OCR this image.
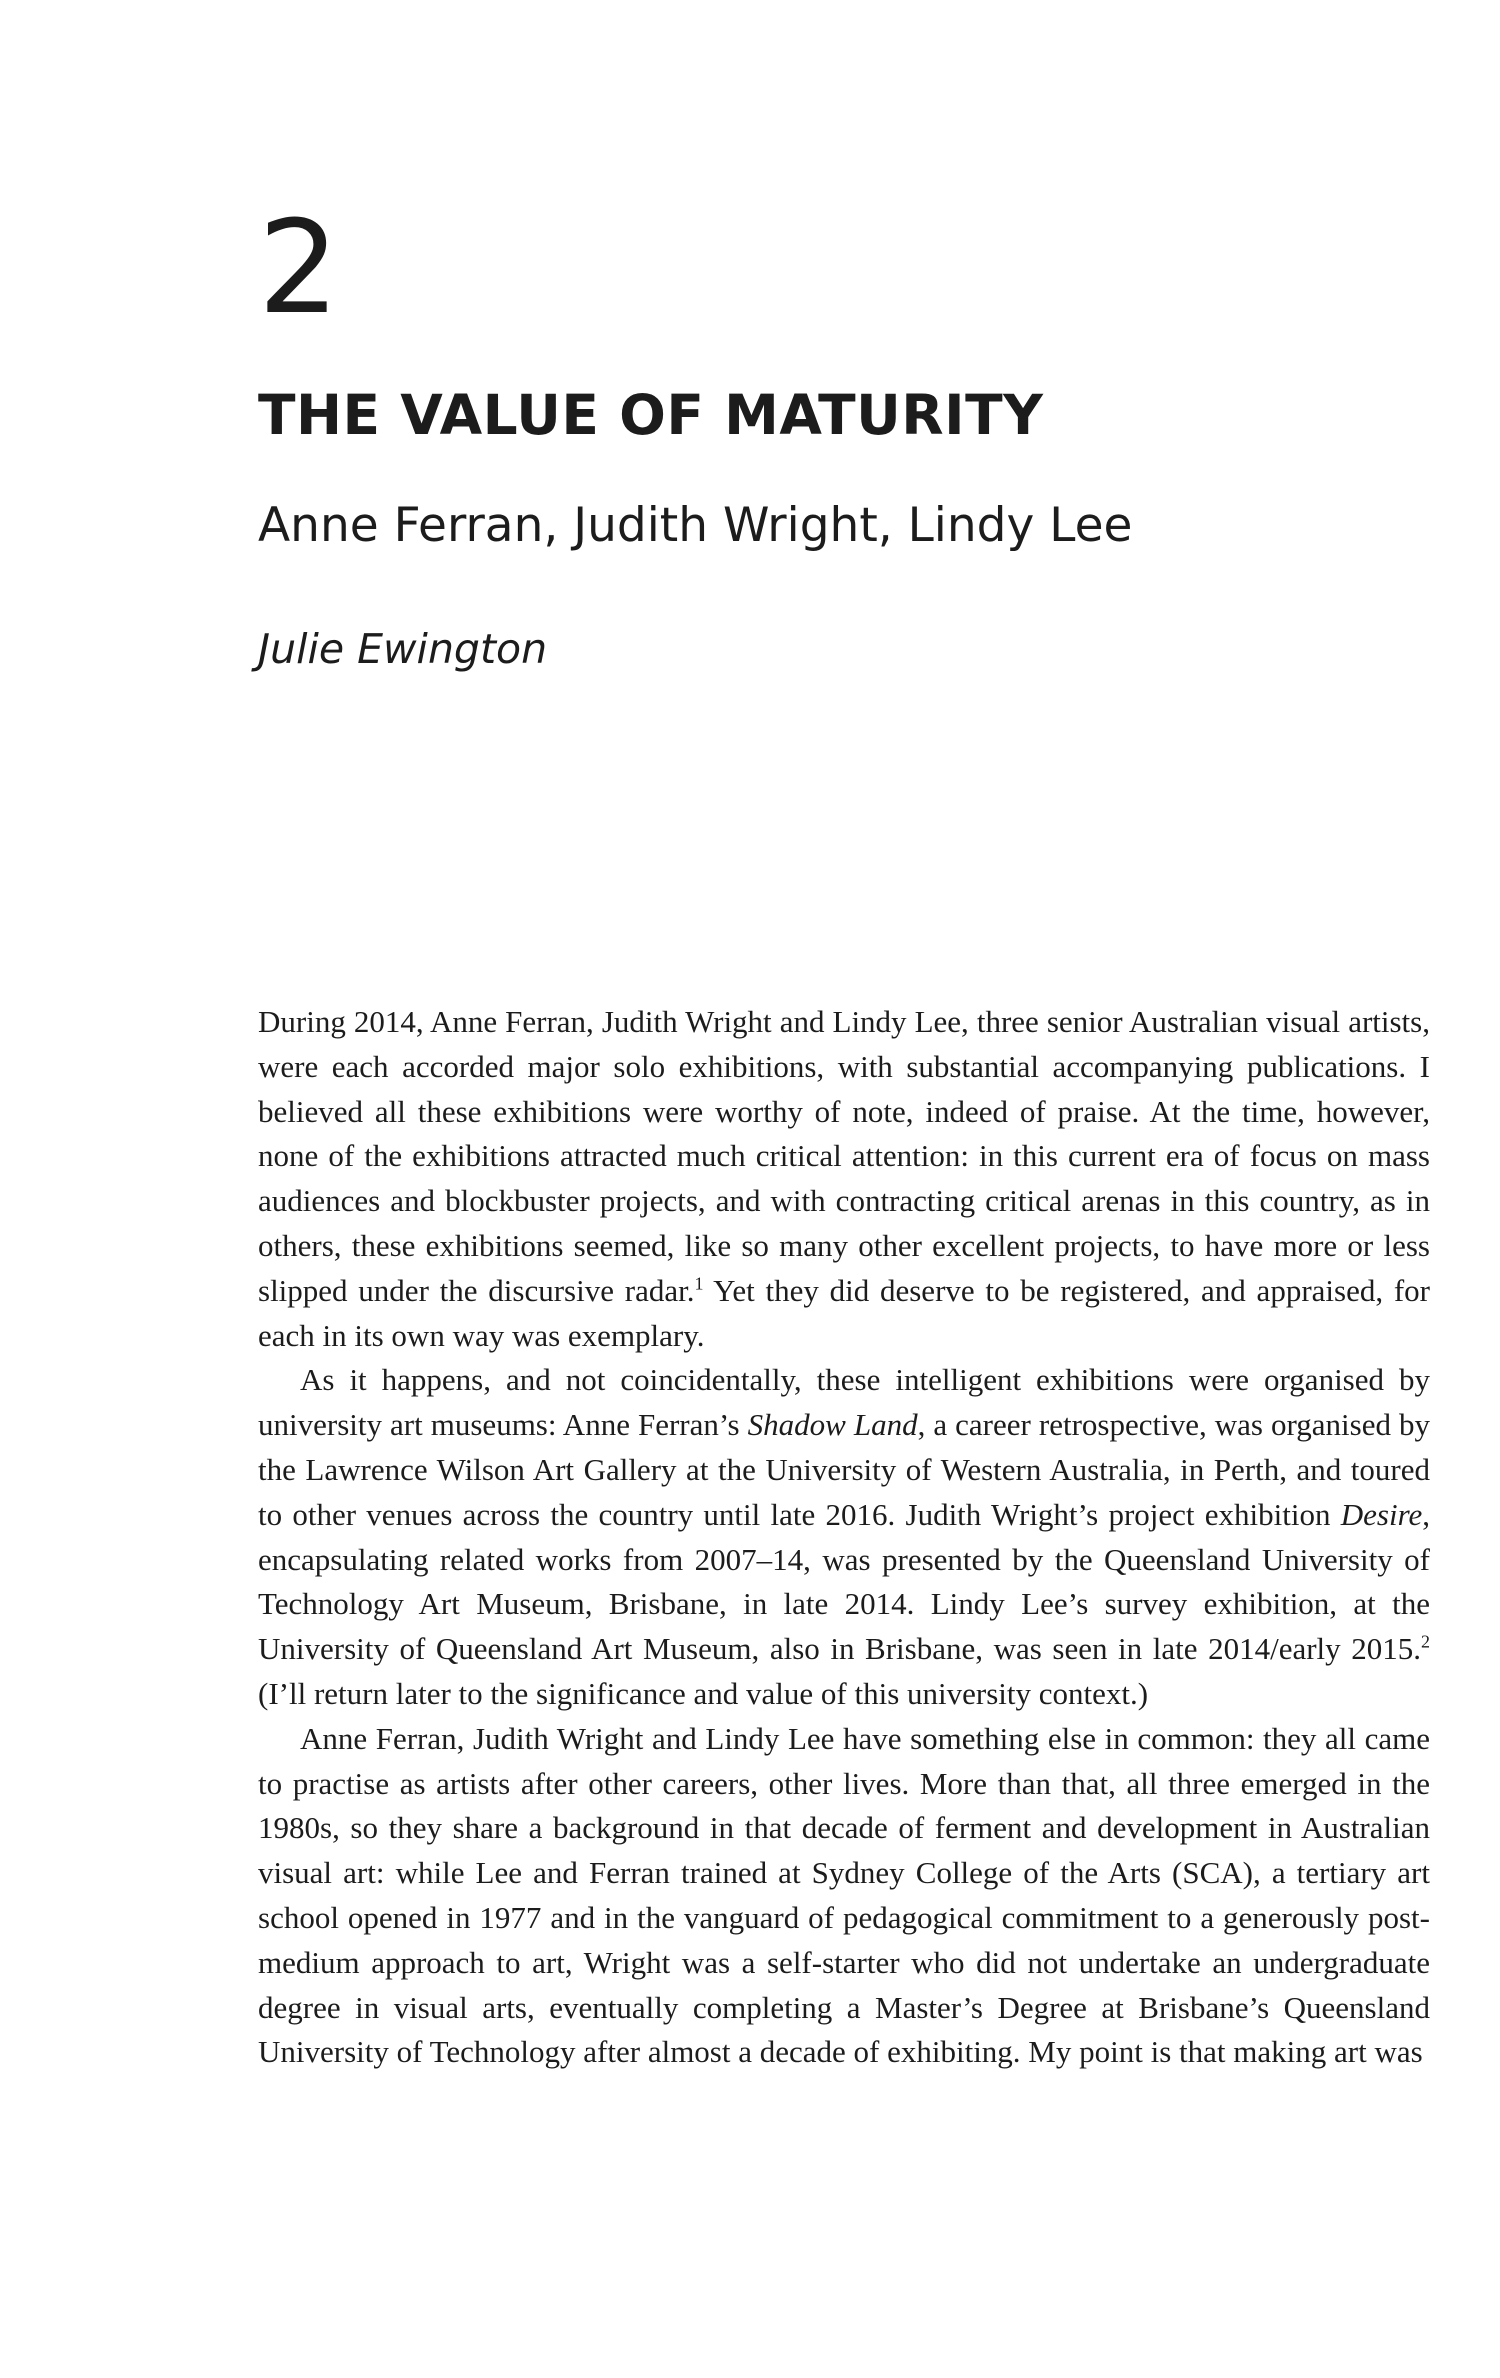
2
THE VALUE OF MATURITY
Anne Ferran, Judith Wright, Lindy Lee
Julie Ewington

During 2014, Anne Ferran, Judith Wright and Lindy Lee, three senior Australian visual artists, were each accorded major solo exhibitions, with substantial accompanying publications. I believed all these exhibitions were worthy of note, indeed of praise. At the time, however, none of the exhibitions attracted much critical attention: in this current era of focus on mass audiences and blockbuster projects, and with contracting critical arenas in this country, as in others, these exhibitions seemed, like so many other excellent projects, to have more or less slipped under the discursive radar.$^1$ Yet they did deserve to be registered, and appraised, for each in its own way was exemplary.

As it happens, and not coincidentally, these intelligent exhibitions were organised by university art museums: Anne Ferran’s Shadow Land, a career retrospective, was organised by the Lawrence Wilson Art Gallery at the University of Western Australia, in Perth, and toured to other venues across the country until late 2016. Judith Wright’s project exhibition Desire, encapsulating related works from 2007–14, was presented by the Queensland University of Technology Art Museum, Brisbane, in late 2014. Lindy Lee’s survey exhibition, at the University of Queensland Art Museum, also in Brisbane, was seen in late 2014/early 2015.$^2$ (I’ll return later to the significance and value of this university context.)

Anne Ferran, Judith Wright and Lindy Lee have something else in common: they all came to practise as artists after other careers, other lives. More than that, all three emerged in the 1980s, so they share a background in that decade of ferment and development in Australian visual art: while Lee and Ferran trained at Sydney College of the Arts (SCA), a tertiary art school opened in 1977 and in the vanguard of pedagogical commitment to a generously post-medium approach to art, Wright was a self-starter who did not undertake an undergraduate degree in visual arts, eventually completing a Master’s Degree at Brisbane’s Queensland University of Technology after almost a decade of exhibiting. My point is that making art was
